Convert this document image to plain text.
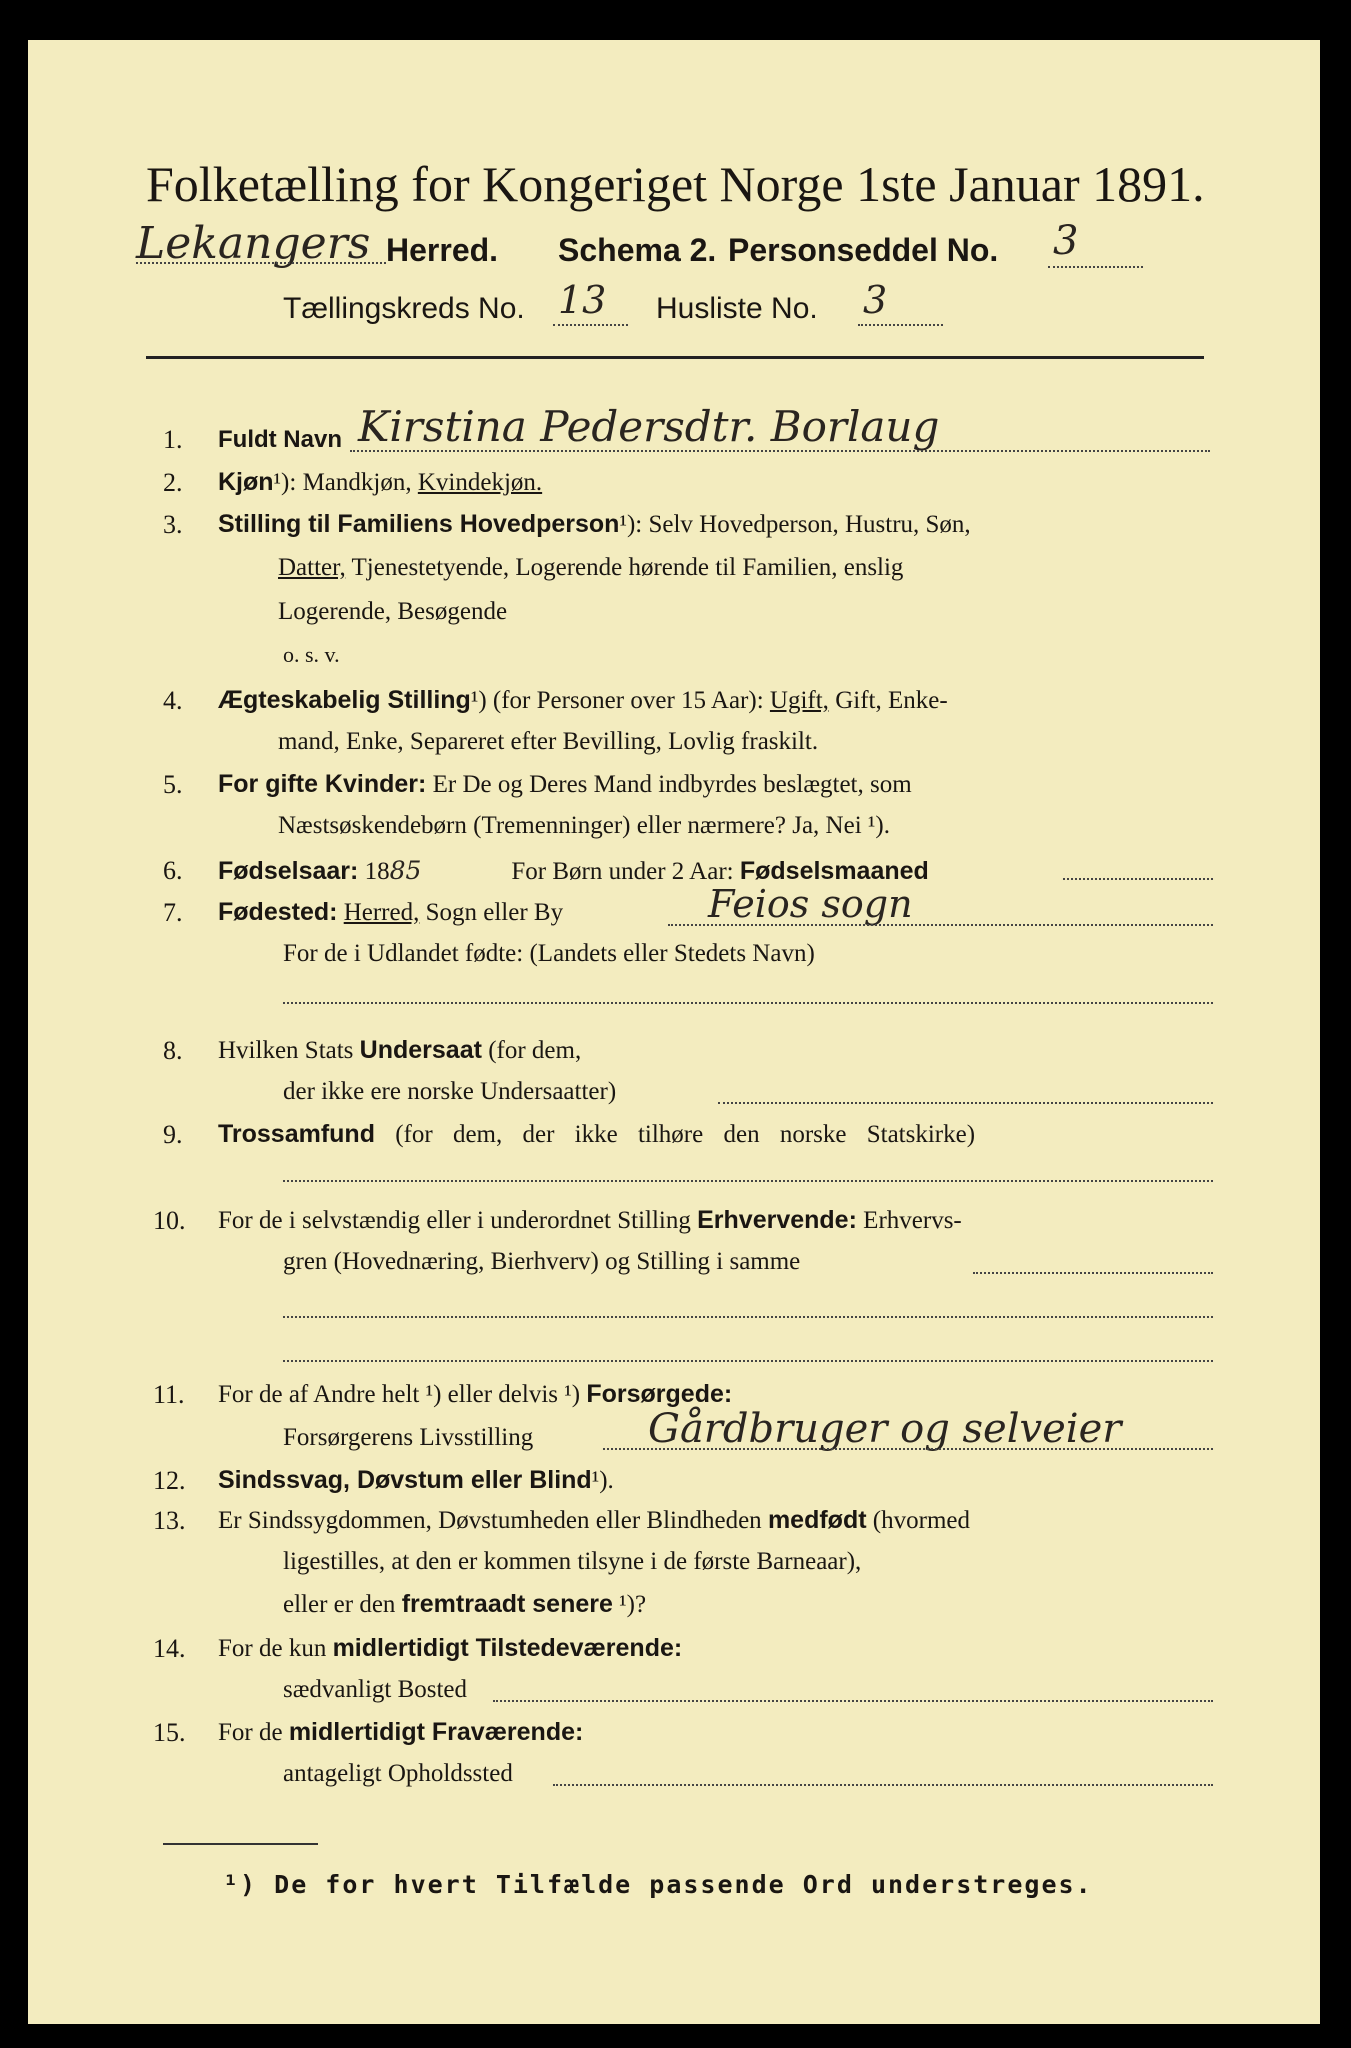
Folketælling for Kongeriget Norge 1ste Januar 1891.
Lekangers Herred. Schema 2. Personseddel No. 3
Tællingskreds No. 13 Husliste No. 3
1. Fuldt Navn Kirstina Pedersdtr. Borlaug
2. Kjøn¹): Mandkjøn, Kvindekjøn.
3. Stilling til Familiens Hovedperson¹): Selv Hovedperson, Hustru, Søn,
Datter, Tjenestetyende, Logerende hørende til Familien, enslig
Logerende, Besøgende
o. s. v.
4. Ægteskabelig Stilling¹) (for Personer over 15 Aar): Ugift, Gift, Enke-
mand, Enke, Separeret efter Bevilling, Lovlig fraskilt.
5. For gifte Kvinder: Er De og Deres Mand indbyrdes beslægtet, som
Næstsøskendebørn (Tremenninger) eller nærmere? Ja, Nei ¹).
6. Fødselsaar: 1885	For Børn under 2 Aar: Fødselsmaaned
7. Fødested: Herred, Sogn eller By	Feios sogn
For de i Udlandet fødte: (Landets eller Stedets Navn)
8. Hvilken Stats Undersaat (for dem,
der ikke ere norske Undersaatter)
9. Trossamfund (for dem, der ikke tilhøre den norske Statskirke)
10. For de i selvstændig eller i underordnet Stilling Erhvervende: Erhvervs-
gren (Hovednæring, Bierhverv) og Stilling i samme
11. For de af Andre helt ¹) eller delvis ¹) Forsørgede:
Forsørgerens Livsstilling	Gårdbruger og selveier
12. Sindssvag, Døvstum eller Blind¹).
13. Er Sindssygdommen, Døvstumheden eller Blindheden medfødt (hvormed
ligestilles, at den er kommen tilsyne i de første Barneaar),
eller er den fremtraadt senere ¹)?
14. For de kun midlertidigt Tilstedeværende:
sædvanligt Bosted
15. For de midlertidigt Fraværende:
antageligt Opholdssted
¹) De for hvert Tilfælde passende Ord understreges.
